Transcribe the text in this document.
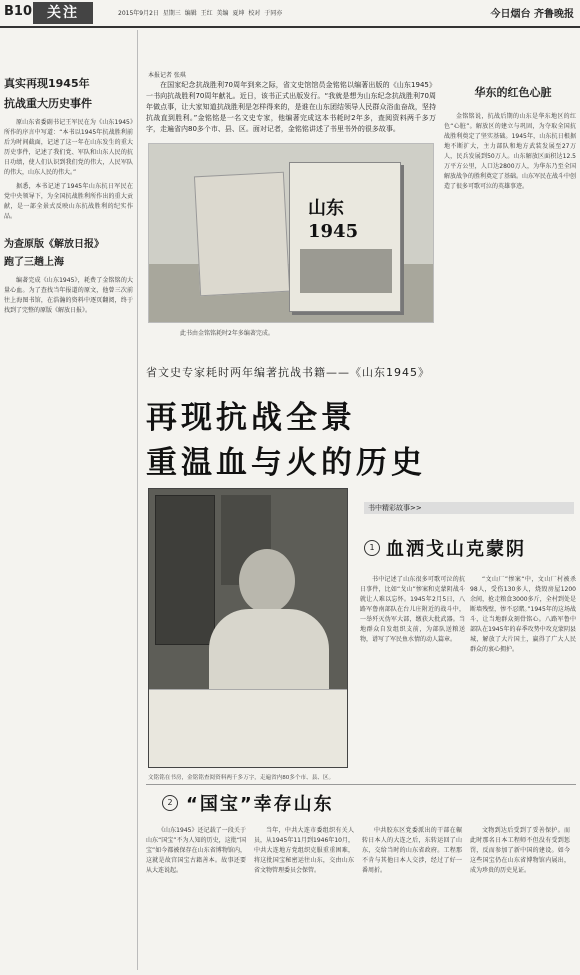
B10	关注	2015年9月2日 星期三 编辑 王红 美编 夏坤 校对 于同亦	今日烟台 齐鲁晚报
真实再现1945年
抗战重大历史事件

原山东省委副书记王军民在为《山东1945》所作的序言中写道：“本书以1945年抗战胜利前后为时间截面，记述了这一年在山东发生的重大历史事件，记述了我们党、军队和山东人民的抗日功绩，使人们认识到我们党的伟大，人民军队的伟大，山东人民的伟大。”

据悉，本书记述了1945年山东抗日军民在党中央领导下，为全国抗战胜利所作出的重大贡献，是一部全景式反映山东抗战胜利的纪实作品。

为查原版《解放日报》
跑了三趟上海

编著完成《山东1945》，耗费了金铭铭的大量心血。为了查找当年报道的原文，他曾三次前往上海图书馆，在浩瀚的资料中逐页翻阅，终于找到了完整的原版《解放日报》。

本报记者 张琪

在国家纪念抗战胜利70周年到来之际，省文史馆馆员金铭铭以编著出版的《山东1945》一书向抗战胜利70周年献礼。近日，该书正式出版发行。“我就是想为山东纪念抗战胜利70周年做点事，让大家知道抗战胜利是怎样得来的，是谁在山东团结领导人民群众浴血奋战，坚持抗战直到胜利。”金铭铭是一名文史专家，他编著完成这本书耗时2年多，查阅资料两千多万字，走遍省内80多个市、县、区。面对记者，金铭铭讲述了书里书外的很多故事。

山东
1945
此书由金铭铭耗时2年多编著完成。
华东的红色心脏

金铭铭说，抗战后期的山东是华东地区的红色“心脏”。解放区的建立与巩固，为夺取全国抗战胜利奠定了坚实基础。1945年，山东抗日根据地不断扩大，主力部队和地方武装发展至27万人，民兵发展到50万人。山东解放区面积达12.5万平方公里，人口达2800万人，为华东乃至全国解放战争的胜利奠定了基础。山东军民在战斗中创造了很多可歌可泣的英雄事迹。

省文史专家耗时两年编著抗战书籍——《山东1945》
再现抗战全景
重温血与火的历史
文铭铭在书房，金铭铭查阅资料两千多万字，走遍省内80多个市、县、区。
书中精彩故事>>
1 血洒戈山克蒙阴

书中记述了山东很多可歌可泣的抗日事件，比如“戈山”惨案和克蒙阴战斗就让人难以忘怀。1945年2月5日，八路军鲁南部队在台儿庄附近的战斗中，一举歼灭伪军大部，缴获大批武器。当地群众自发组织支前，为部队送粮送物，谱写了军民鱼水情的动人篇章。

“文山厂”惨案“中，文山厂村被杀98人，受伤130多人，烧毁房屋1200余间，抢走粮食3000多斤，全村到处是断墙残壁，惨不忍睹。”1945年的这场战斗，让当地群众刻骨铭心。八路军鲁中部队在1945年的春季攻势中攻克蒙阴县城，解放了大片国土，赢得了广大人民群众的衷心拥护。

2 “国宝”幸存山东

《山东1945》还记载了一段关于山东“国宝”不为人知的历史，这批“国宝”如今都被保存在山东省博物馆内，这就是故宫国宝古籍善本。故事还要从大连说起。

当年，中共大连市委组织有关人员，从1945年11月到1946年10月，中共大连地方党组织克服重重困难，将这批国宝秘密运往山东，交由山东省文物管理委员会保管。

中共胶东区党委派出的干部在辗转日本人的大连之后，东转运回了山东，交给当时的山东省政府。工程那不肯与其他日本人交涉，经过了好一番周折。

文物到达后受到了妥善保护。而此时那名日本工程师不但没有受到惩罚，反而参加了新中国的建设。如今这些国宝仍在山东省博物馆内展出，成为珍贵的历史见证。
